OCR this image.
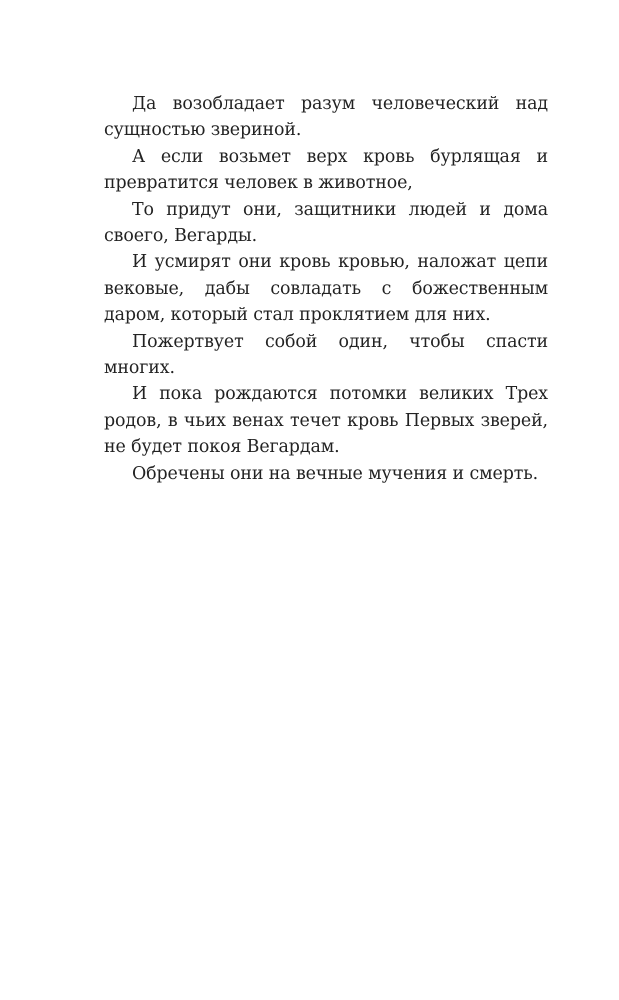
Да возобладает разум человеческий над сущностью звериной.

А если возьмет верх кровь бурлящая и превратится человек в животное,

То придут они, защитники людей и дома своего, Вегарды.

И усмирят они кровь кровью, наложат цепи вековые, дабы совладать с божественным даром, который стал проклятием для них.

Пожертвует собой один, чтобы спасти многих.

И пока рождаются потомки великих Трех родов, в чьих венах течет кровь Первых зверей, не будет покоя Вегардам.

Обречены они на вечные мучения и смерть.
